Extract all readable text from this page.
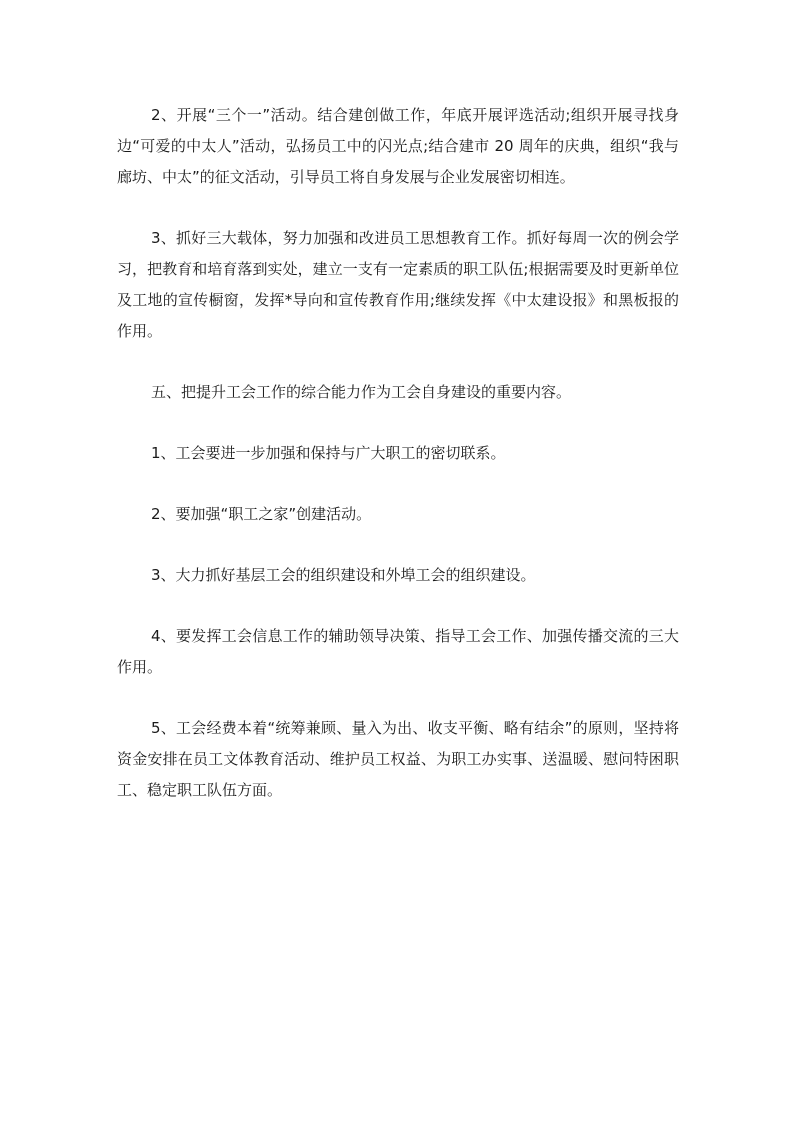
2、开展“三个一”活动。结合建创做工作，年底开展评选活动;组织开展寻找身边“可爱的中太人”活动，弘扬员工中的闪光点;结合建市 20 周年的庆典，组织“我与廊坊、中太”的征文活动，引导员工将自身发展与企业发展密切相连。

3、抓好三大载体，努力加强和改进员工思想教育工作。抓好每周一次的例会学习，把教育和培育落到实处，建立一支有一定素质的职工队伍;根据需要及时更新单位及工地的宣传橱窗，发挥*导向和宣传教育作用;继续发挥《中太建设报》和黑板报的作用。

五、把提升工会工作的综合能力作为工会自身建设的重要内容。

1、工会要进一步加强和保持与广大职工的密切联系。

2、要加强“职工之家”创建活动。

3、大力抓好基层工会的组织建设和外埠工会的组织建设。

4、要发挥工会信息工作的辅助领导决策、指导工会工作、加强传播交流的三大作用。

5、工会经费本着“统筹兼顾、量入为出、收支平衡、略有结余”的原则，坚持将资金安排在员工文体教育活动、维护员工权益、为职工办实事、送温暖、慰问特困职工、稳定职工队伍方面。
